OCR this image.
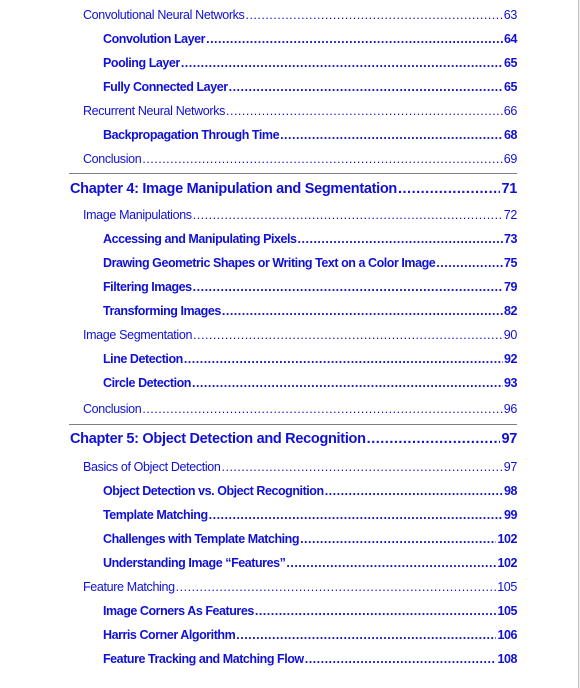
Convolutional Neural Networks .....	63
Convolution Layer .....	64
Pooling Layer .....	65
Fully Connected Layer .....	65
Recurrent Neural Networks .....	66
Backpropagation Through Time .....	68
Conclusion .....	69
Chapter 4: Image Manipulation and Segmentation .....	71
Image Manipulations .....	72
Accessing and Manipulating Pixels .....	73
Drawing Geometric Shapes or Writing Text on a Color Image .....	75
Filtering Images .....	79
Transforming Images .....	82
Image Segmentation .....	90
Line Detection .....	92
Circle Detection .....	93
Conclusion .....	96
Chapter 5: Object Detection and Recognition .....	97
Basics of Object Detection .....	97
Object Detection vs. Object Recognition .....	98
Template Matching .....	99
Challenges with Template Matching .....	102
Understanding Image “Features” .....	102
Feature Matching .....	105
Image Corners As Features .....	105
Harris Corner Algorithm .....	106
Feature Tracking and Matching Flow .....	108
